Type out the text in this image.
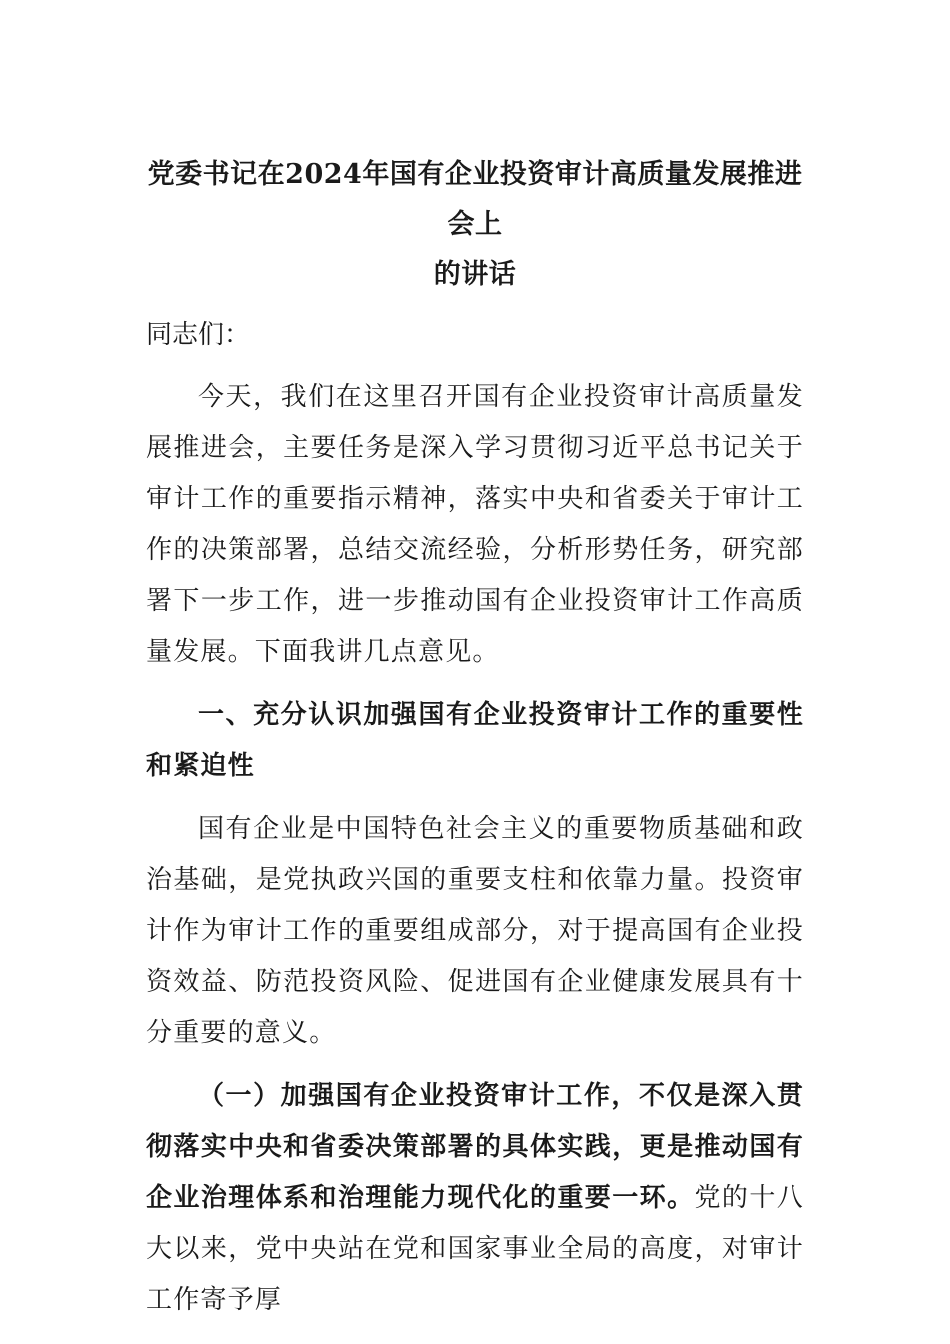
党委书记在2024年国有企业投资审计高质量发展推进会上
的讲话
同志们：

今天，我们在这里召开国有企业投资审计高质量发展推进会，主要任务是深入学习贯彻习近平总书记关于审计工作的重要指示精神，落实中央和省委关于审计工作的决策部署，总结交流经验，分析形势任务，研究部署下一步工作，进一步推动国有企业投资审计工作高质量发展。下面我讲几点意见。

一、充分认识加强国有企业投资审计工作的重要性和紧迫性

国有企业是中国特色社会主义的重要物质基础和政治基础，是党执政兴国的重要支柱和依靠力量。投资审计作为审计工作的重要组成部分，对于提高国有企业投资效益、防范投资风险、促进国有企业健康发展具有十分重要的意义。

（一）加强国有企业投资审计工作，不仅是深入贯彻落实中央和省委决策部署的具体实践，更是推动国有企业治理体系和治理能力现代化的重要一环。党的十八大以来，党中央站在党和国家事业全局的高度，对审计工作寄予厚
